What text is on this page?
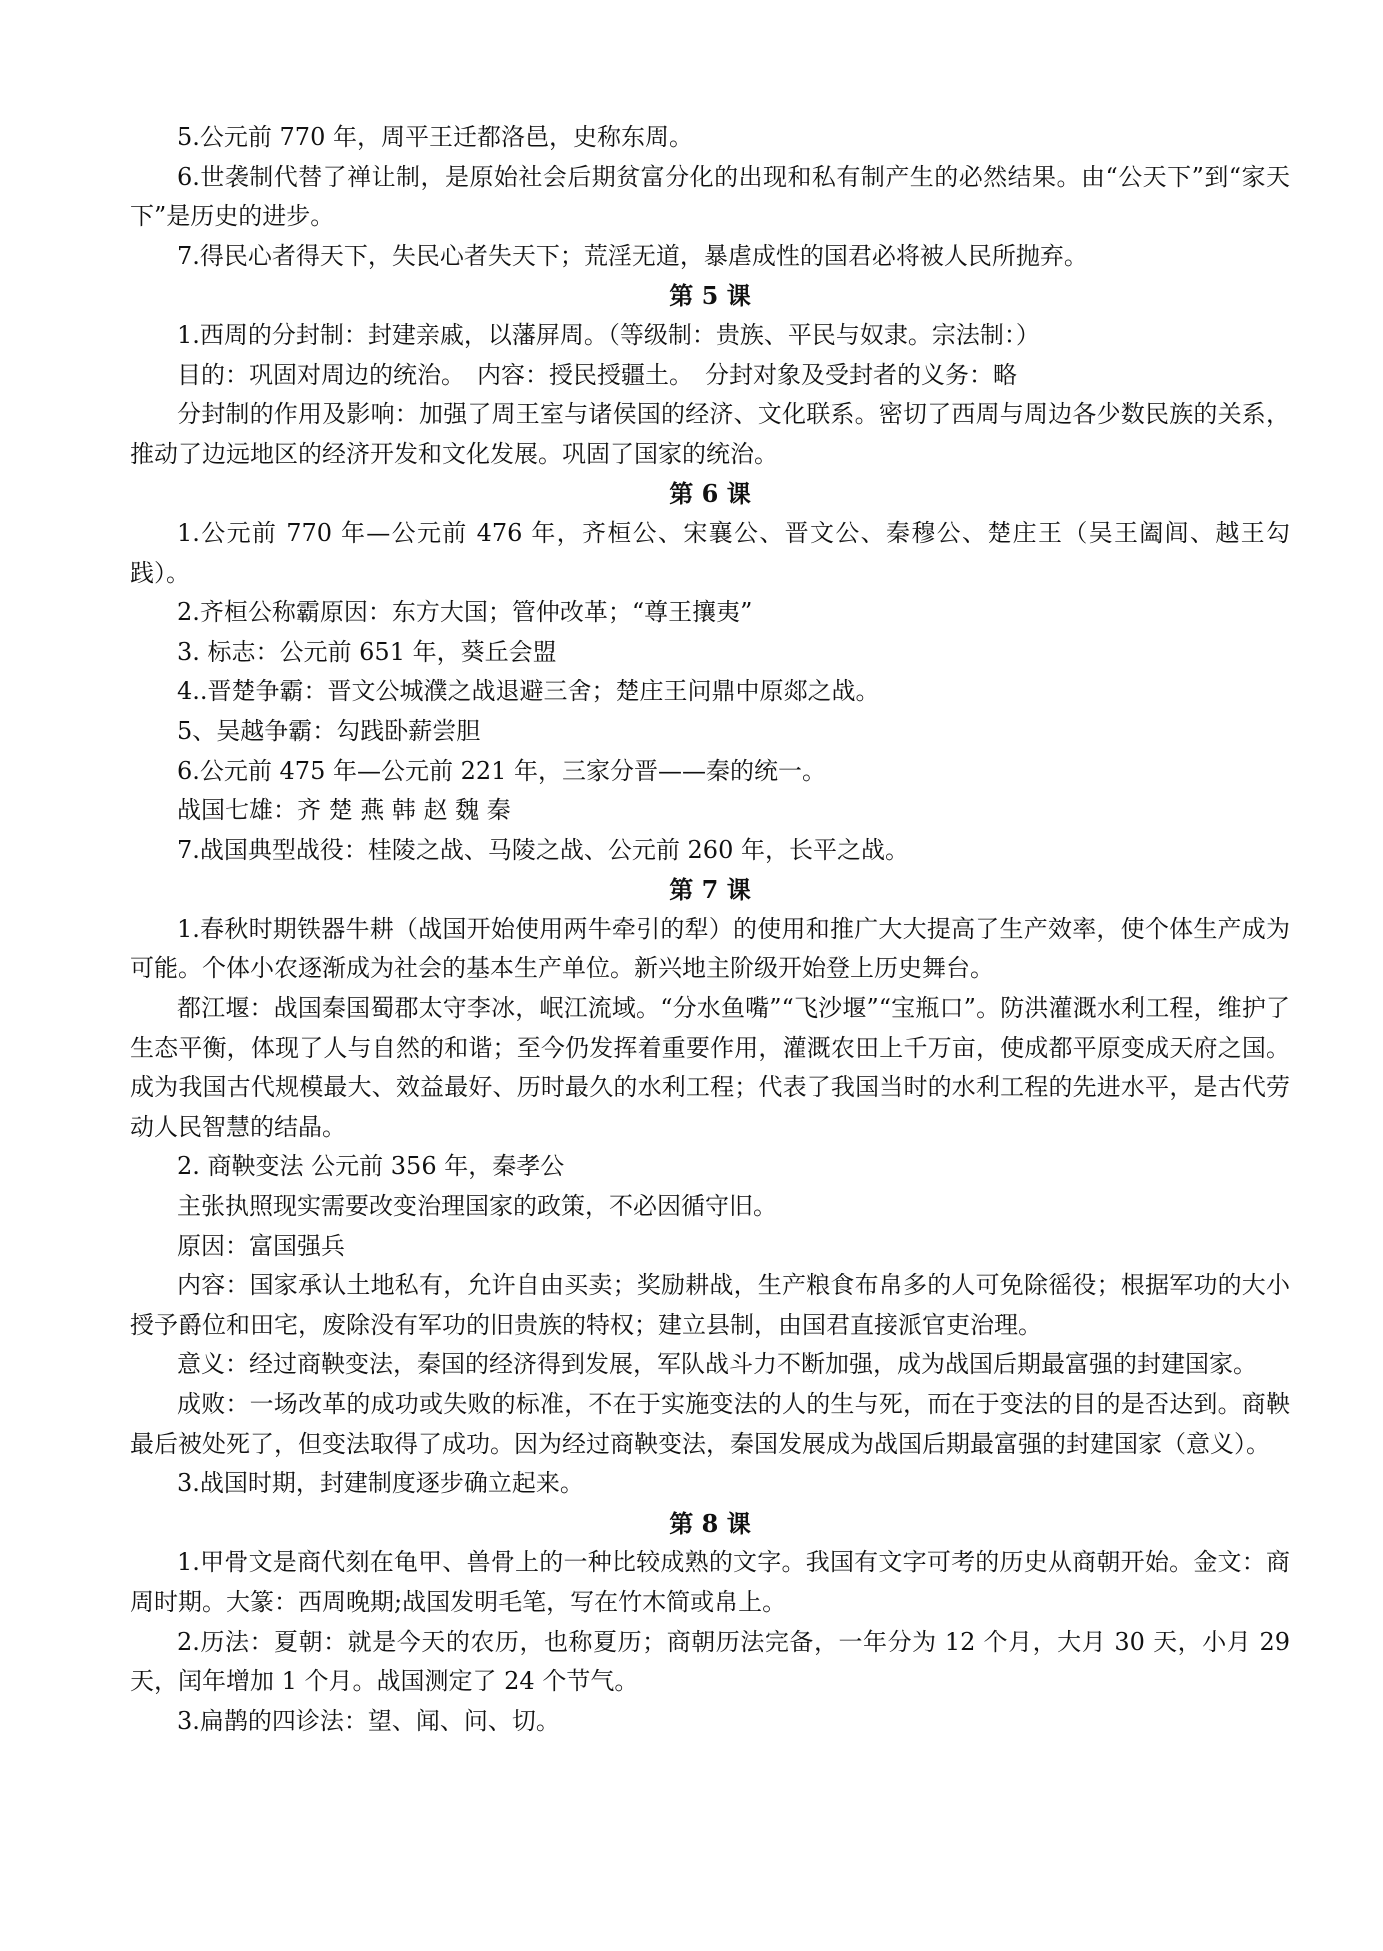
5.公元前 770 年，周平王迁都洛邑，史称东周。

6.世袭制代替了禅让制，是原始社会后期贫富分化的出现和私有制产生的必然结果。由“公天下”到“家天下”是历史的进步。

7.得民心者得天下，失民心者失天下；荒淫无道，暴虐成性的国君必将被人民所抛弃。

第 5 课

1.西周的分封制：封建亲戚，以藩屏周。（等级制：贵族、平民与奴隶。宗法制：）

目的：巩固对周边的统治。　内容：授民授疆土。　分封对象及受封者的义务：略

分封制的作用及影响：加强了周王室与诸侯国的经济、文化联系。密切了西周与周边各少数民族的关系，推动了边远地区的经济开发和文化发展。巩固了国家的统治。

第 6 课

1.公元前 770 年—公元前 476 年，齐桓公、宋襄公、晋文公、秦穆公、楚庄王（吴王阖闾、越王勾践）。

2.齐桓公称霸原因：东方大国；管仲改革；“尊王攘夷”

3. 标志：公元前 651 年，葵丘会盟

4..晋楚争霸：晋文公城濮之战退避三舍；楚庄王问鼎中原郯之战。

5、吴越争霸：勾践卧薪尝胆

6.公元前 475 年—公元前 221 年，三家分晋——秦的统一。

战国七雄：齐 楚 燕 韩 赵 魏 秦

7.战国典型战役：桂陵之战、马陵之战、公元前 260 年，长平之战。

第 7 课

1.春秋时期铁器牛耕（战国开始使用两牛牵引的犁）的使用和推广大大提高了生产效率，使个体生产成为可能。个体小农逐渐成为社会的基本生产单位。新兴地主阶级开始登上历史舞台。

都江堰：战国秦国蜀郡太守李冰，岷江流域。“分水鱼嘴”“飞沙堰”“宝瓶口”。防洪灌溉水利工程，维护了生态平衡，体现了人与自然的和谐；至今仍发挥着重要作用，灌溉农田上千万亩，使成都平原变成天府之国。成为我国古代规模最大、效益最好、历时最久的水利工程；代表了我国当时的水利工程的先进水平，是古代劳动人民智慧的结晶。

2. 商鞅变法 公元前 356 年，秦孝公

主张执照现实需要改变治理国家的政策，不必因循守旧。

原因：富国强兵

内容：国家承认土地私有，允许自由买卖；奖励耕战，生产粮食布帛多的人可免除徭役；根据军功的大小授予爵位和田宅，废除没有军功的旧贵族的特权；建立县制，由国君直接派官吏治理。

意义：经过商鞅变法，秦国的经济得到发展，军队战斗力不断加强，成为战国后期最富强的封建国家。

成败：一场改革的成功或失败的标准，不在于实施变法的人的生与死，而在于变法的目的是否达到。商鞅最后被处死了，但变法取得了成功。因为经过商鞅变法，秦国发展成为战国后期最富强的封建国家（意义）。

3.战国时期，封建制度逐步确立起来。

第 8 课

1.甲骨文是商代刻在龟甲、兽骨上的一种比较成熟的文字。我国有文字可考的历史从商朝开始。金文：商周时期。大篆：西周晚期;战国发明毛笔，写在竹木简或帛上。

2.历法：夏朝：就是今天的农历，也称夏历；商朝历法完备，一年分为 12 个月，大月 30 天，小月 29 天，闰年增加 1 个月。战国测定了 24 个节气。

3.扁鹊的四诊法：望、闻、问、切。
